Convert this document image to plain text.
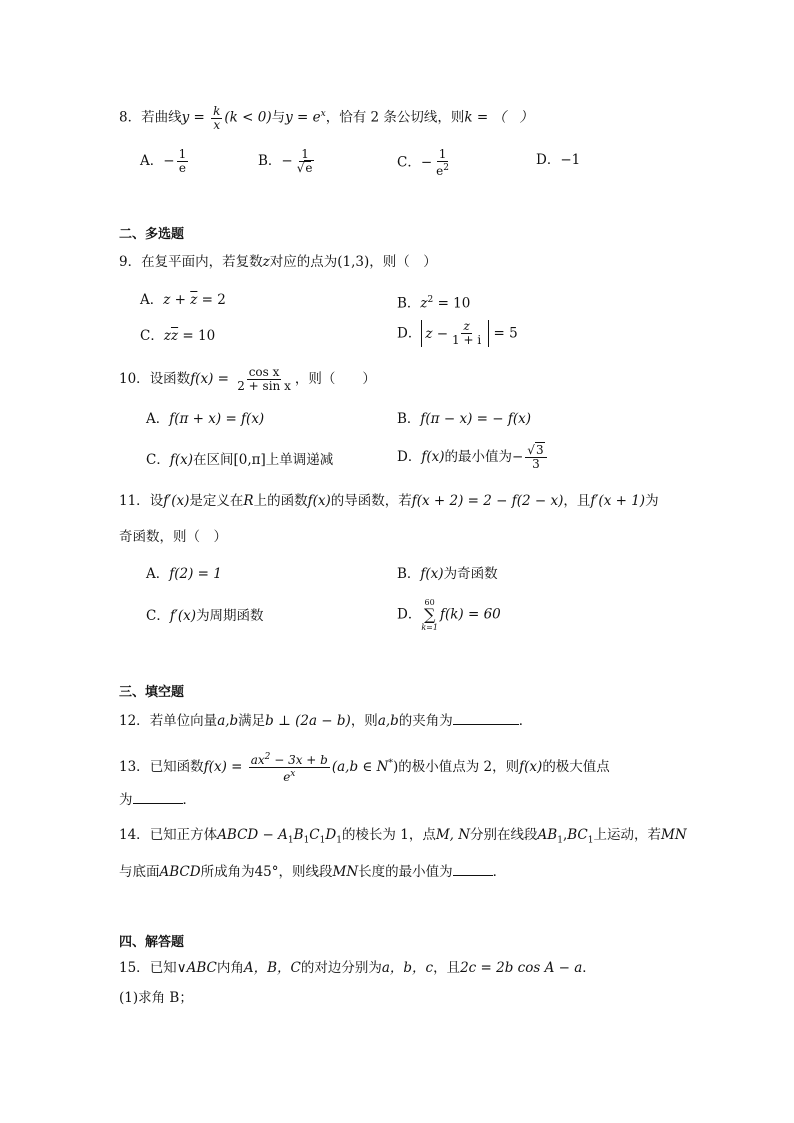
8．若曲线$y = \frac{k}{x} (k < 0)$与$y = e^x$，恰有 2 条公切线，则k = （　）
A．− $\frac{1}{e}$	B．− $\frac{1}{√e}$	C．− $\frac{1}{e^2}$	D．−1
二、多选题
9．在复平面内，若复数z对应的点为(1,3)，则（　）
A．$z + \overline{z} = 2$	B．$z^2 = 10$
C．$z\overline{z} = 10$	D． $z - \frac{z}{1 + i} = 5$
10．设函数$f(x) = \frac{\text{cos x}}{\text{2 + sin x}}$ ，则（　　）
A．f(π + x) = f(x)	B．f(π − x) = − f(x)
C．f(x)在区间[0,π]上单调递减	D．f(x)的最小值为− $\frac{√3}{3}$
11．设f′(x)是定义在R上的函数f(x)的导函数，若f(x + 2) = 2 − f(2 − x)，且f′(x + 1)为
奇函数，则（　）
A．f(2) = 1	B．f(x)为奇函数
C．f′(x)为周期函数	D．
60
∑
k=1
f(k) = 60
三、填空题
12．若单位向量a,b满足b ⊥ (2a − b)，则a,b的夹角为	．
13．已知函数$f(x) = \frac{ax^2 - 3x + b}{e^x} (a,b$ ∈ N*)的极小值点为 2，则f(x)的极大值点
为	．
14．已知正方体ABCD − $A_1B_1C_1D_1$的棱长为 1，点M, N分别在线段$AB_1,BC_1$上运动，若MN
与底面ABCD所成角为45°，则线段MN长度的最小值为	．
四、解答题
15．已知∨ABC内角A，B，C的对边分别为a，b，c，且2c = 2b cos A − a．
(1)求角 B；
